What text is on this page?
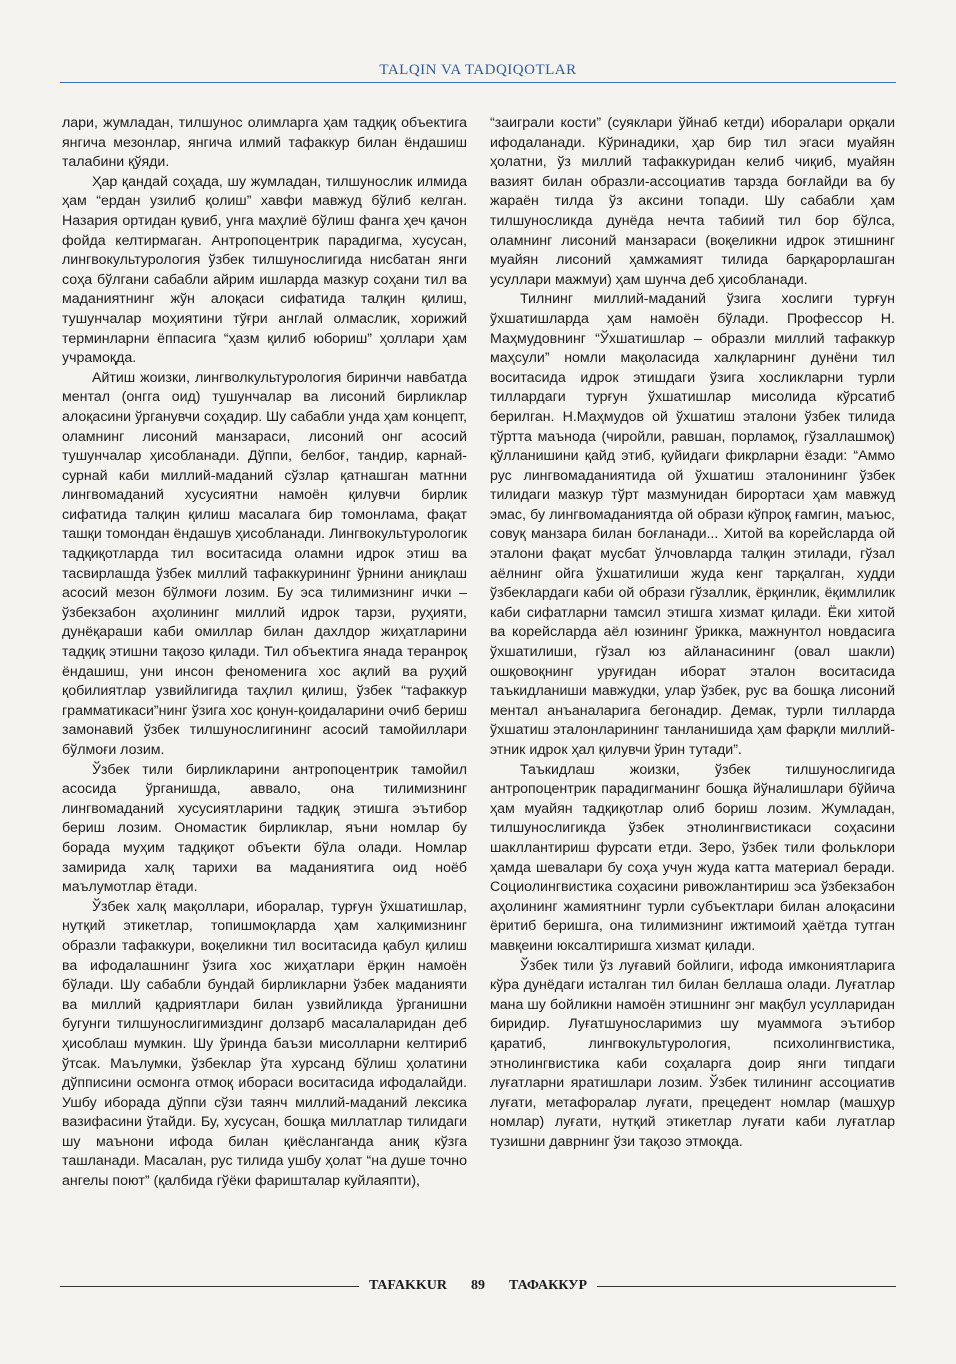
TALQIN VA TADQIQOTLAR

лари, жумладан, тилшунос олимларга ҳам тадқиқ объектига янгича мезонлар, янгича илмий тафаккур билан ёндашиш талабини қўяди.

Ҳар қандай соҳада, шу жумладан, тилшунослик илмида ҳам “ердан узилиб қолиш” хавфи мавжуд бўлиб келган. Назария ортидан қувиб, унга маҳлиё бўлиш фанга ҳеч қачон фойда келтирмаган. Антропоцентрик парадигма, хусусан, лингвокультурология ўзбек тилшунослигида нисбатан янги соҳа бўлгани сабабли айрим ишларда мазкур соҳани тил ва маданиятнинг жўн алоқаси сифатида талқин қилиш, тушунчалар моҳиятини тўғри англай олмаслик, хорижий терминларни ёппасига “ҳазм қилиб юбориш” ҳоллари ҳам учрамоқда.

Айтиш жоизки, лингволкультурология биринчи навбатда ментал (онгга оид) тушунчалар ва лисоний бирликлар алоқасини ўрганувчи соҳадир. Шу сабабли унда ҳам концепт, оламнинг лисоний манзараси, лисоний онг асосий тушунчалар ҳисобланади. Дўппи, белбоғ, тандир, карнай-сурнай каби миллий-маданий сўзлар қатнашган матнни лингвомаданий хусусиятни намоён қилувчи бирлик сифатида талқин қилиш масалага бир томонлама, фақат ташқи томондан ёндашув ҳисобланади. Лингвокультурологик тадқиқотларда тил воситасида оламни идрок этиш ва тасвирлашда ўзбек миллий тафаккурининг ўрнини аниқлаш асосий мезон бўлмоғи лозим. Бу эса тилимизнинг ички – ўзбекзабон аҳолининг миллий идрок тарзи, руҳияти, дунёқараши каби омиллар билан дахлдор жиҳатларини тадқиқ этишни тақозо қилади. Тил объектига янада теранроқ ёндашиш, уни инсон феноменига хос ақлий ва руҳий қобилиятлар узвийлигида таҳлил қилиш, ўзбек “тафаккур грамматикаси”нинг ўзига хос қонун-қоидаларини очиб бериш замонавий ўзбек тилшунослигининг асосий тамойиллари бўлмоғи лозим.

Ўзбек тили бирликларини антропоцентрик тамойил асосида ўрганишда, аввало, она тилимизнинг лингвомаданий хусусиятларини тадқиқ этишга эътибор бериш лозим. Ономастик бирликлар, яъни номлар бу борада муҳим тадқиқот объекти бўла олади. Номлар замирида халқ тарихи ва маданиятига оид ноёб маълумотлар ётади.

Ўзбек халқ мақоллари, иборалар, турғун ўхшатишлар, нутқий этикетлар, топишмоқларда ҳам халқимизнинг образли тафаккури, воқеликни тил воситасида қабул қилиш ва ифодалашнинг ўзига хос жиҳатлари ёрқин намоён бўлади. Шу сабабли бундай бирликларни ўзбек маданияти ва миллий қадриятлари билан узвийликда ўрганишни бугунги тилшунослигимиздинг долзарб масалаларидан деб ҳисоблаш мумкин. Шу ўринда баъзи мисолларни келтириб ўтсак. Маълумки, ўзбеклар ўта хурсанд бўлиш ҳолатини дўпписини осмонга отмоқ ибораси воситасида ифодалайди. Ушбу иборада дўппи сўзи таянч миллий-маданий лексика вазифасини ўтайди. Бу, хусусан, бошқа миллатлар тилидаги шу маънони ифода билан қиёсланганда аниқ кўзга ташланади. Масалан, рус тилида ушбу ҳолат “на душе точно ангелы поют” (қалбида гўёки фаришталар куйлаяпти),

“заиграли кости” (суяклари ўйнаб кетди) иборалари орқали ифодаланади. Кўринадики, ҳар бир тил эгаси муайян ҳолатни, ўз миллий тафаккуридан келиб чиқиб, муайян вазият билан образли-ассоциатив тарзда боғлайди ва бу жараён тилда ўз аксини топади. Шу сабабли ҳам тилшуносликда дунёда нечта табиий тил бор бўлса, оламнинг лисоний манзараси (воқеликни идрок этишнинг муайян лисоний ҳамжамият тилида барқарорлашган усуллари мажмуи) ҳам шунча деб ҳисобланади.

Тилнинг миллий-маданий ўзига хослиги турғун ўхшатишларда ҳам намоён бўлади. Профессор Н. Маҳмудовнинг “Ўхшатишлар – образли миллий тафаккур маҳсули” номли мақоласида халқларнинг дунёни тил воситасида идрок этишдаги ўзига хосликларни турли тиллардаги турғун ўхшатишлар мисолида кўрсатиб берилган. Н.Маҳмудов ой ўхшатиш эталони ўзбек тилида тўртта маънода (чиройли, равшан, порламоқ, гўзаллашмоқ) қўлланишини қайд этиб, қуйидаги фикрларни ёзади: “Аммо рус лингвомаданиятида ой ўхшатиш эталонининг ўзбек тилидаги мазкур тўрт мазмунидан бирортаси ҳам мавжуд эмас, бу лингвомаданиятда ой образи кўпроқ ғамгин, маъюс, совуқ манзара билан боғланади... Хитой ва корейсларда ой эталони фақат мусбат ўлчовларда талқин этилади, гўзал аёлнинг ойга ўхшатилиши жуда кенг тарқалган, худди ўзбеклардаги каби ой образи гўзаллик, ёрқинлик, ёқимлилик каби сифатларни тамсил этишга хизмат қилади. Ёки хитой ва корейсларда аёл юзининг ўрикка, мажнунтол новдасига ўхшатилиши, гўзал юз айланасининг (овал шакли) ошқовоқнинг уруғидан иборат эталон воситасида таъкидланиши мавжудки, улар ўзбек, рус ва бошқа лисоний ментал анъаналарига бегонадир. Демак, турли тилларда ўхшатиш эталонларининг танланишида ҳам фарқли миллий-этник идрок ҳал қилувчи ўрин тутади”.

Таъкидлаш жоизки, ўзбек тилшунослигида антропоцентрик парадигманинг бошқа йўналишлари бўйича ҳам муайян тадқиқотлар олиб бориш лозим. Жумладан, тилшунослигикда ўзбек этнолингвистикаси соҳасини шакллантириш фурсати етди. Зеро, ўзбек тили фольклори ҳамда шевалари бу соҳа учун жуда катта материал беради. Социолингвистика соҳасини ривожлантириш эса ўзбекзабон аҳолининг жамиятнинг турли субъектлари билан алоқасини ёритиб беришга, она тилимизнинг ижтимоий ҳаётда тутган мавқеини юксалтиришга хизмат қилади.

Ўзбек тили ўз луғавий бойлиги, ифода имкониятларига кўра дунёдаги исталган тил билан беллаша олади. Луғатлар мана шу бойликни намоён этишнинг энг мақбул усулларидан биридир. Луғатшуносларимиз шу муаммога эътибор қаратиб, лингвокультурология, психолингвистика, этнолингвистика каби соҳаларга доир янги типдаги луғатларни яратишлари лозим. Ўзбек тилининг ассоциатив луғати, метафоралар луғати, прецедент номлар (машҳур номлар) луғати, нутқий этикетлар луғати каби луғатлар тузишни даврнинг ўзи тақозо этмоқда.

TAFAKKUR 89 ТАФАККУР
